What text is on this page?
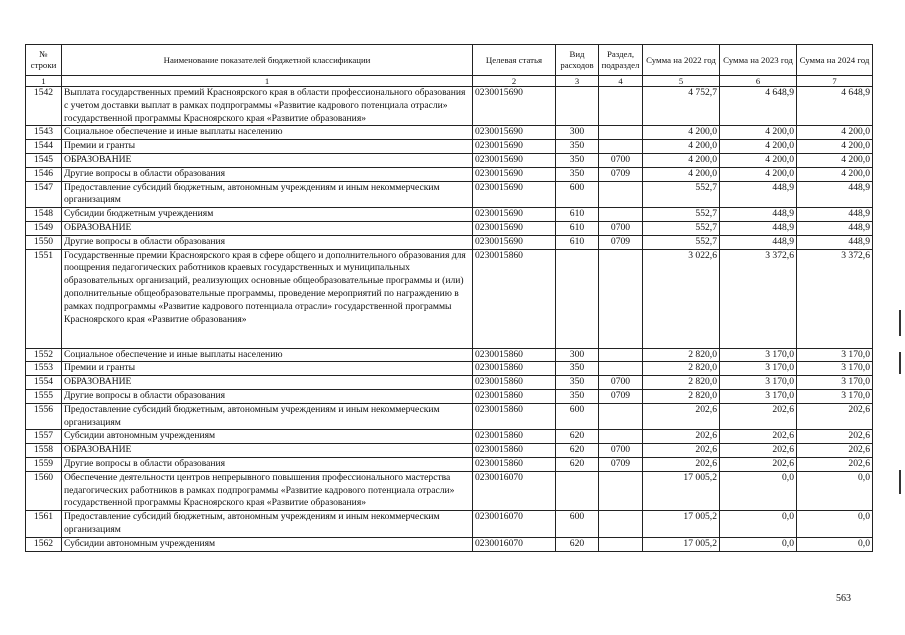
№ строки	Наименование показателей бюджетной классификации	Целевая статья	Вид расходов	Раздел, подраздел	Сумма на 2022 год	Сумма на 2023 год	Сумма на 2024 год
1	1	2	3	4	5	6	7
1542	Выплата государственных премий Красноярского края в области профессионального образования с учетом доставки выплат в рамках подпрограммы «Развитие кадрового потенциала отрасли» государственной программы Красноярского края «Развитие образования»	0230015690			4 752,7	4 648,9	4 648,9
1543	Социальное обеспечение и иные выплаты населению	0230015690	300		4 200,0	4 200,0	4 200,0
1544	Премии и гранты	0230015690	350		4 200,0	4 200,0	4 200,0
1545	ОБРАЗОВАНИЕ	0230015690	350	0700	4 200,0	4 200,0	4 200,0
1546	Другие вопросы в области образования	0230015690	350	0709	4 200,0	4 200,0	4 200,0
1547	Предоставление субсидий бюджетным, автономным учреждениям и иным некоммерческим организациям	0230015690	600		552,7	448,9	448,9
1548	Субсидии бюджетным учреждениям	0230015690	610		552,7	448,9	448,9
1549	ОБРАЗОВАНИЕ	0230015690	610	0700	552,7	448,9	448,9
1550	Другие вопросы в области образования	0230015690	610	0709	552,7	448,9	448,9
1551	Государственные премии Красноярского края в сфере общего и дополнительного образования для поощрения педагогических работников краевых государственных и муниципальных образовательных организаций, реализующих основные общеобразовательные программы и (или) дополнительные общеобразовательные программы, проведение мероприятий по награждению в рамках подпрограммы «Развитие кадрового потенциала отрасли» государственной программы Красноярского края «Развитие образования»	0230015860			3 022,6	3 372,6	3 372,6
1552	Социальное обеспечение и иные выплаты населению	0230015860	300		2 820,0	3 170,0	3 170,0
1553	Премии и гранты	0230015860	350		2 820,0	3 170,0	3 170,0
1554	ОБРАЗОВАНИЕ	0230015860	350	0700	2 820,0	3 170,0	3 170,0
1555	Другие вопросы в области образования	0230015860	350	0709	2 820,0	3 170,0	3 170,0
1556	Предоставление субсидий бюджетным, автономным учреждениям и иным некоммерческим организациям	0230015860	600		202,6	202,6	202,6
1557	Субсидии автономным учреждениям	0230015860	620		202,6	202,6	202,6
1558	ОБРАЗОВАНИЕ	0230015860	620	0700	202,6	202,6	202,6
1559	Другие вопросы в области образования	0230015860	620	0709	202,6	202,6	202,6
1560	Обеспечение деятельности центров непрерывного повышения профессионального мастерства педагогических работников в рамках подпрограммы «Развитие кадрового потенциала отрасли» государственной программы Красноярского края «Развитие образования»	0230016070			17 005,2	0,0	0,0
1561	Предоставление субсидий бюджетным, автономным учреждениям и иным некоммерческим организациям	0230016070	600		17 005,2	0,0	0,0
1562	Субсидии автономным учреждениям	0230016070	620		17 005,2	0,0	0,0
563
